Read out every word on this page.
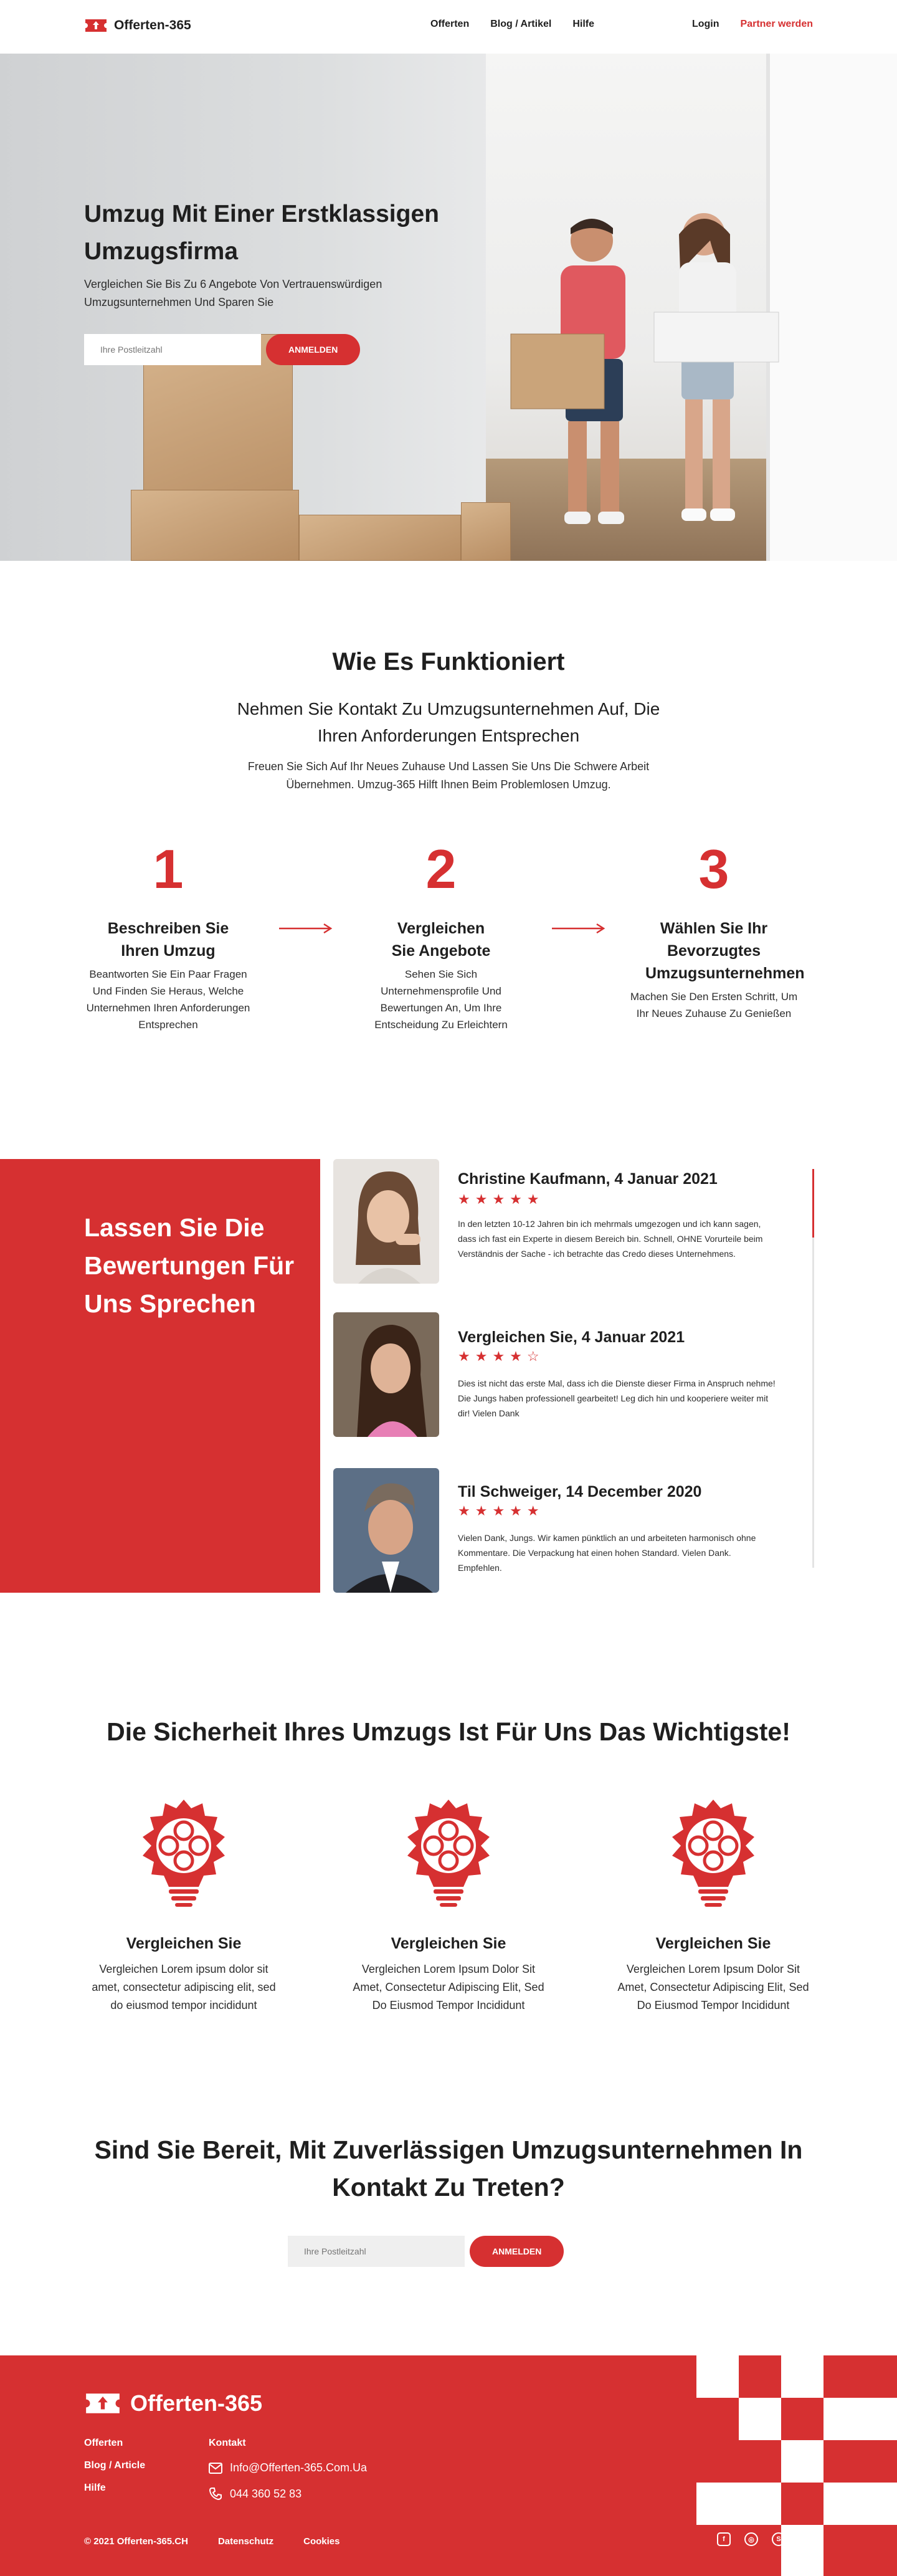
Offerten-365	Offerten Blog / Artikel Hilfe	Login Partner werden
Umzug Mit Einer Erstklassigen Umzugsfirma

Vergleichen Sie Bis Zu 6 Angebote Von Vertrauenswürdigen Umzugsunternehmen Und Sparen Sie

Ihre Postleitzahl
ANMELDEN
Wie Es Funktioniert

Nehmen Sie Kontakt Zu Umzugsunternehmen Auf, Die Ihren Anforderungen Entsprechen

Freuen Sie Sich Auf Ihr Neues Zuhause Und Lassen Sie Uns Die Schwere Arbeit Übernehmen. Umzug-365 Hilft Ihnen Beim Problemlosen Umzug.

1
Beschreiben Sie Ihren Umzug
Beantworten Sie Ein Paar Fragen Und Finden Sie Heraus, Welche Unternehmen Ihren Anforderungen Entsprechen
2
Vergleichen Sie Angebote
Sehen Sie Sich Unternehmensprofile Und Bewertungen An, Um Ihre Entscheidung Zu Erleichtern
3
Wählen Sie Ihr Bevorzugtes Umzugsunternehmen
Machen Sie Den Ersten Schritt, Um Ihr Neues Zuhause Zu Genießen
Lassen Sie Die Bewertungen Für Uns Sprechen
Christine Kaufmann, 4 Januar 2021
★★★★★
In den letzten 10-12 Jahren bin ich mehrmals umgezogen und ich kann sagen, dass ich fast ein Experte in diesem Bereich bin. Schnell, OHNE Vorurteile beim Verständnis der Sache - ich betrachte das Credo dieses Unternehmens.
Vergleichen Sie, 4 Januar 2021
★★★★☆
Dies ist nicht das erste Mal, dass ich die Dienste dieser Firma in Anspruch nehme! Die Jungs haben professionell gearbeitet! Leg dich hin und kooperiere weiter mit dir! Vielen Dank
Til Schweiger, 14 December 2020
★★★★★
Vielen Dank, Jungs. Wir kamen pünktlich an und arbeiteten harmonisch ohne Kommentare. Die Verpackung hat einen hohen Standard. Vielen Dank. Empfehlen.
Die Sicherheit Ihres Umzugs Ist Für Uns Das Wichtigste!
Vergleichen Sie
Vergleichen Lorem ipsum dolor sit amet, consectetur adipiscing elit, sed do eiusmod tempor incididunt
Vergleichen Sie
Vergleichen Lorem Ipsum Dolor Sit Amet, Consectetur Adipiscing Elit, Sed Do Eiusmod Tempor Incididunt
Vergleichen Sie
Vergleichen Lorem Ipsum Dolor Sit Amet, Consectetur Adipiscing Elit, Sed Do Eiusmod Tempor Incididunt
Sind Sie Bereit, Mit Zuverlässigen Umzugsunternehmen In Kontakt Zu Treten?
Ihre Postleitzahl
ANMELDEN
Offerten-365
Offerten
Blog / Article
Hilfe
Kontakt
Info@Offerten-365.Com.Ua
044 360 52 83
© 2021 Offerten-365.CH	Datenschutz	Cookies	f	◎	S	◉
